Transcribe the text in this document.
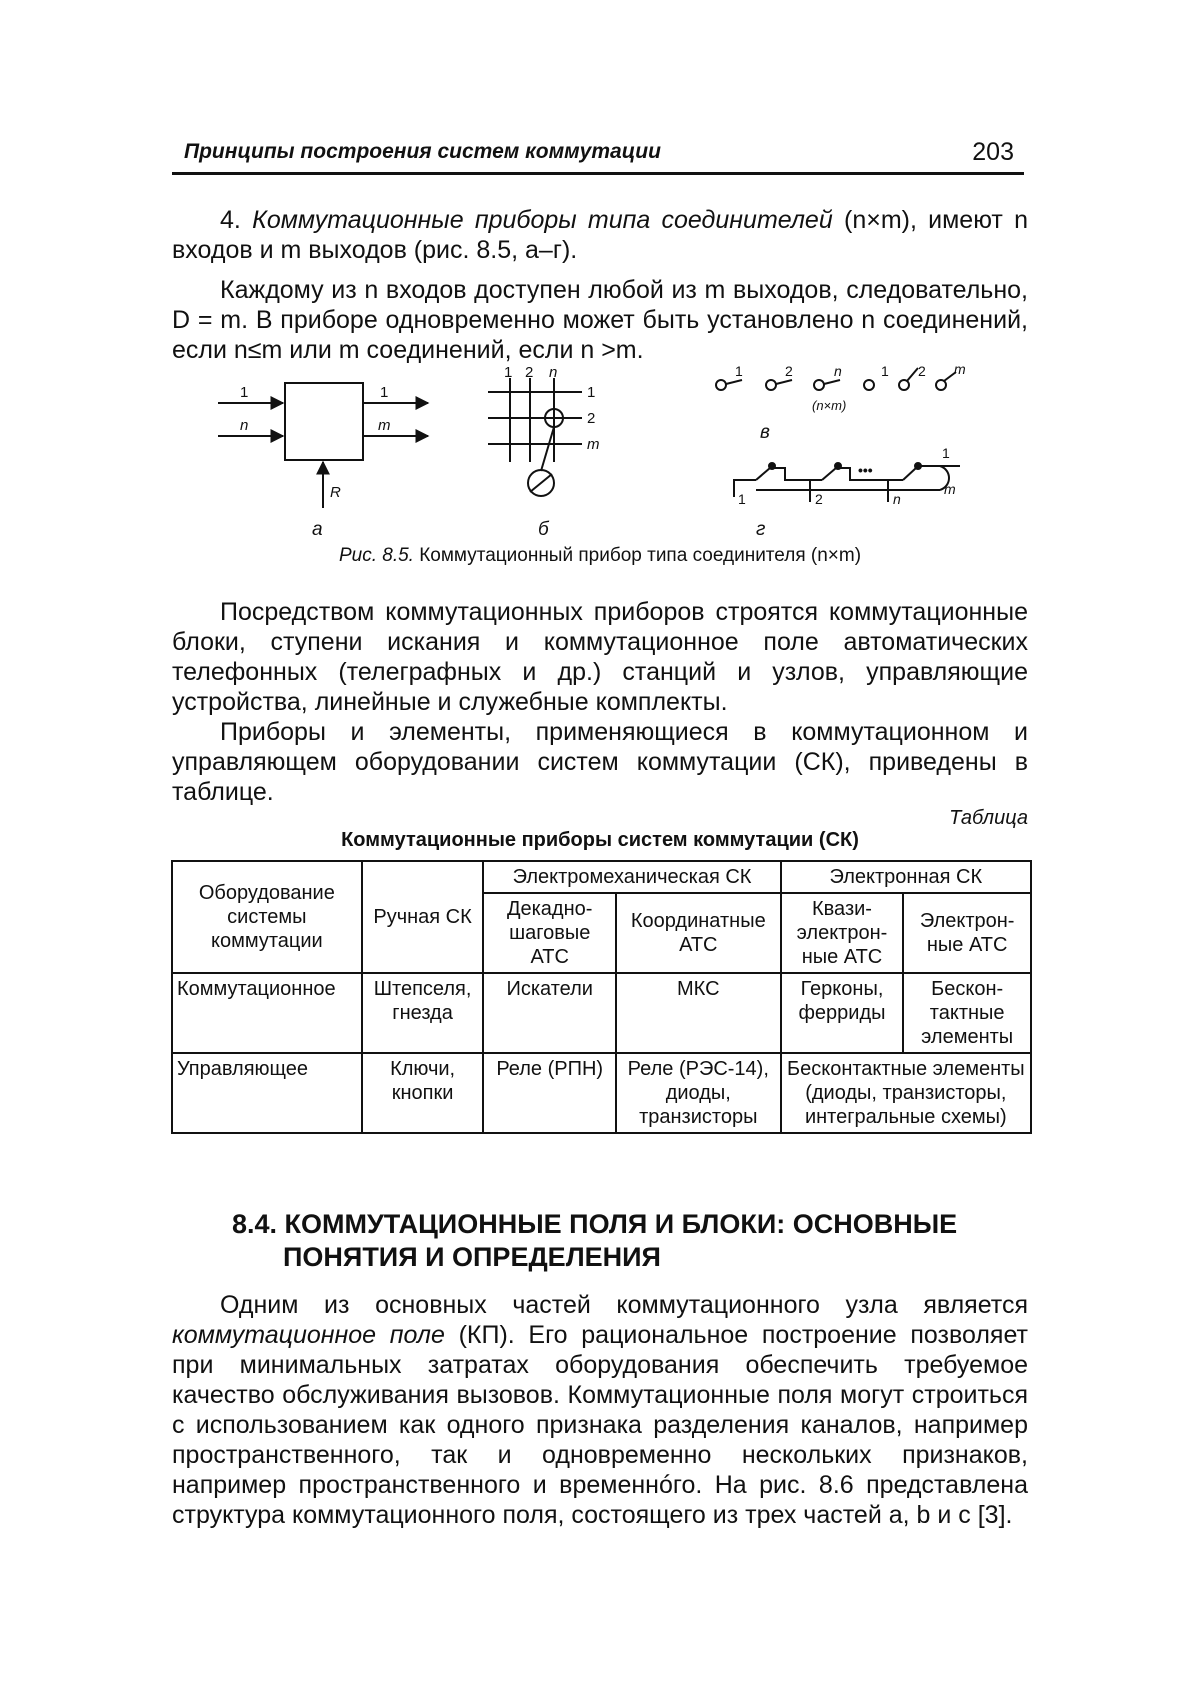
Принципы построения систем коммутации	203

4. Коммутационные приборы типа соединителей (n×m), имеют n входов и m выходов (рис. 8.5, а–г).

Каждому из n входов доступен любой из m выходов, следовательно, D = m. В приборе одновременно может быть установлено n соединений, если n≤m или m соединений, если n >m.

1
n
1
m
R
а
1 2 n
1
2
m
б
1	2	n	1 2 m
(n×m)
в
1	2	n
1
m
•••
г
Рис. 8.5. Коммутационный прибор типа соединителя (n×m)

Посредством коммутационных приборов строятся коммутационные блоки, ступени искания и коммутационное поле автоматических телефонных (телеграфных и др.) станций и узлов, управляющие устройства, линейные и служебные комплекты.

Приборы и элементы, применяющиеся в коммутационном и управляющем оборудовании систем коммутации (СК), приведены в таблице.

Таблица
Коммутационные приборы систем коммутации (СК)
Оборудование системы коммутации	Ручная СК	Электромеханическая СК		Электронная СК	
		Декадно-шаговые АТС	Координатные АТС	Квази-электрон-ные АТС	Электрон-ные АТС
Коммутационное	Штепселя, гнезда	Искатели	МКС	Герконы, ферриды	Бескон-тактные элементы
Управляющее	Ключи, кнопки	Реле (РПН)	Реле (РЭС-14), диоды, транзисторы	Бесконтактные элементы (диоды, транзисторы, интегральные схемы)	
8.4. КОММУТАЦИОННЫЕ ПОЛЯ И БЛОКИ: ОСНОВНЫЕ
ПОНЯТИЯ И ОПРЕДЕЛЕНИЯ

Одним из основных частей коммутационного узла является коммутационное поле (КП). Его рациональное построение позволяет при минимальных затратах оборудования обеспечить требуемое качество обслуживания вызовов. Коммутационные поля могут строиться с использованием как одного признака разделения каналов, например пространственного, так и одновременно нескольких признаков, например пространственного и временнóго. На рис. 8.6 представлена структура коммутационного поля, состоящего из трех частей а, b и c [3].
